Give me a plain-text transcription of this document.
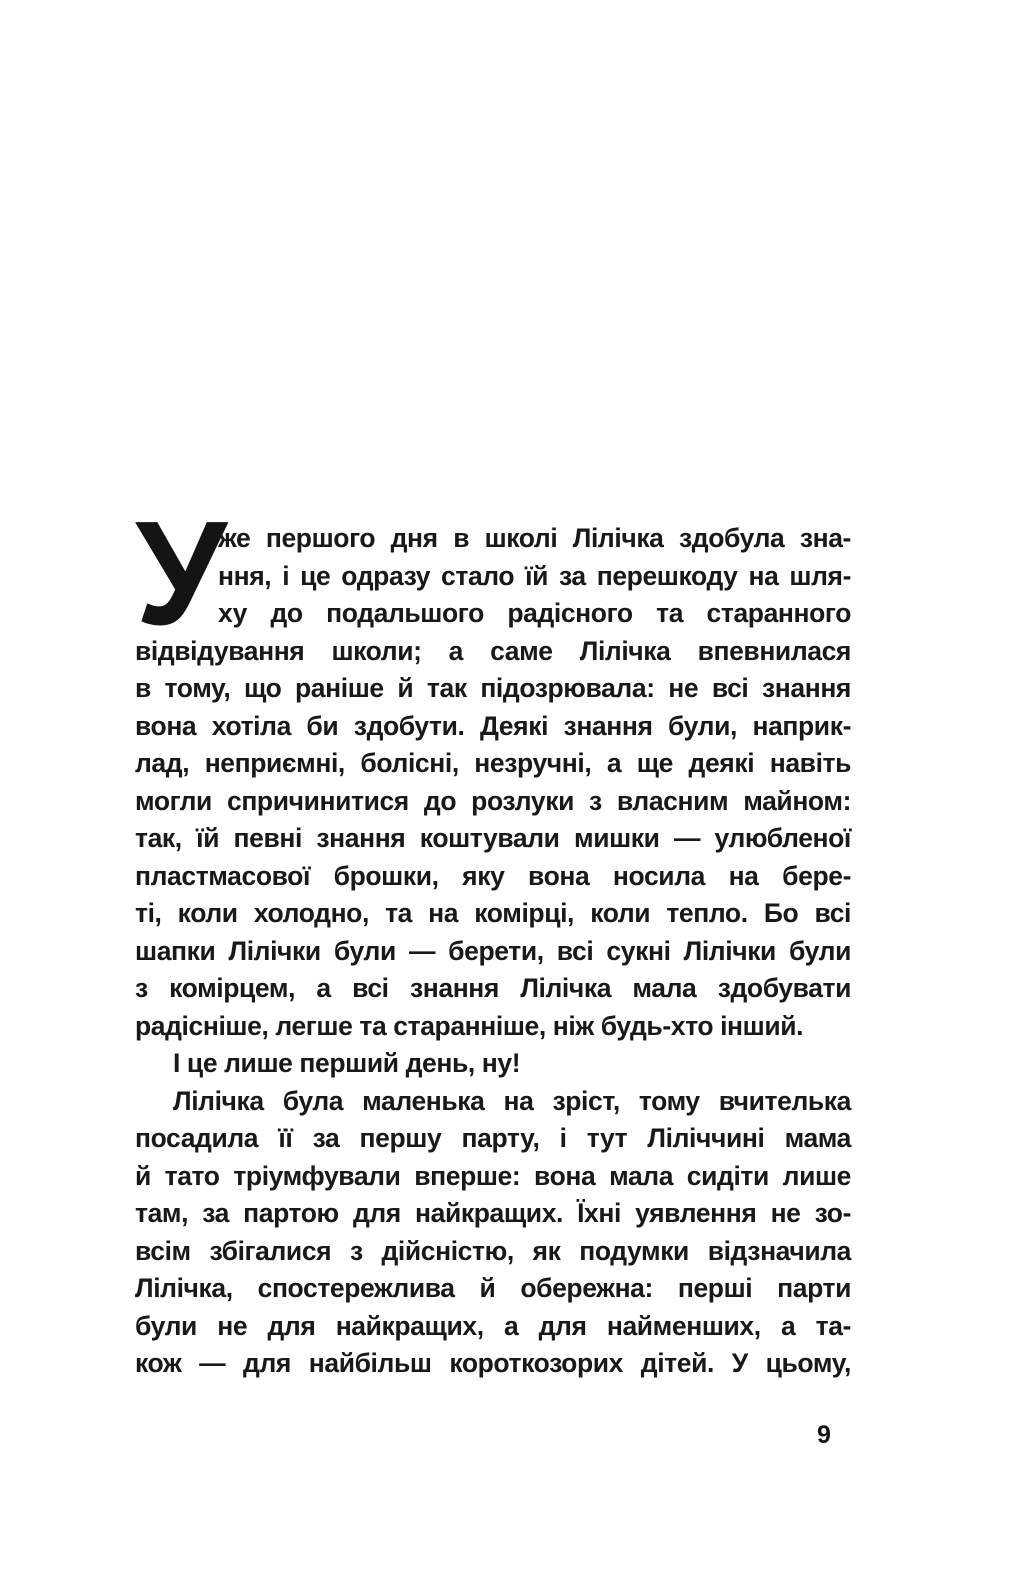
У
же першого дня в школі Лілічка здобула зна-
ння, і це одразу стало їй за перешкоду на шля-
ху до подальшого радісного та старанного
відвідування школи; а саме Лілічка впевнилася
в тому, що раніше й так підозрювала: не всі знання
вона хотіла би здобути. Деякі знання були, наприк-
лад, неприємні, болісні, незручні, а ще деякі навіть
могли спричинитися до розлуки з власним майном:
так, їй певні знання коштували мишки — улюбленої
пластмасової брошки, яку вона носила на бере-
ті, коли холодно, та на комірці, коли тепло. Бо всі
шапки Лілічки були — берети, всі сукні Лілічки були
з комірцем, а всі знання Лілічка мала здобувати
радісніше, легше та старанніше, ніж будь-хто інший.
І це лише перший день, ну!
Лілічка була маленька на зріст, тому вчителька
посадила її за першу парту, і тут Ліліччині мама
й тато тріумфували вперше: вона мала сидіти лише
там, за партою для найкращих. Їхні уявлення не зо-
всім збігалися з дійсністю, як подумки відзначила
Лілічка, спостережлива й обережна: перші парти
були не для найкращих, а для найменших, а та-
кож — для найбільш короткозорих дітей. У цьому,
9
